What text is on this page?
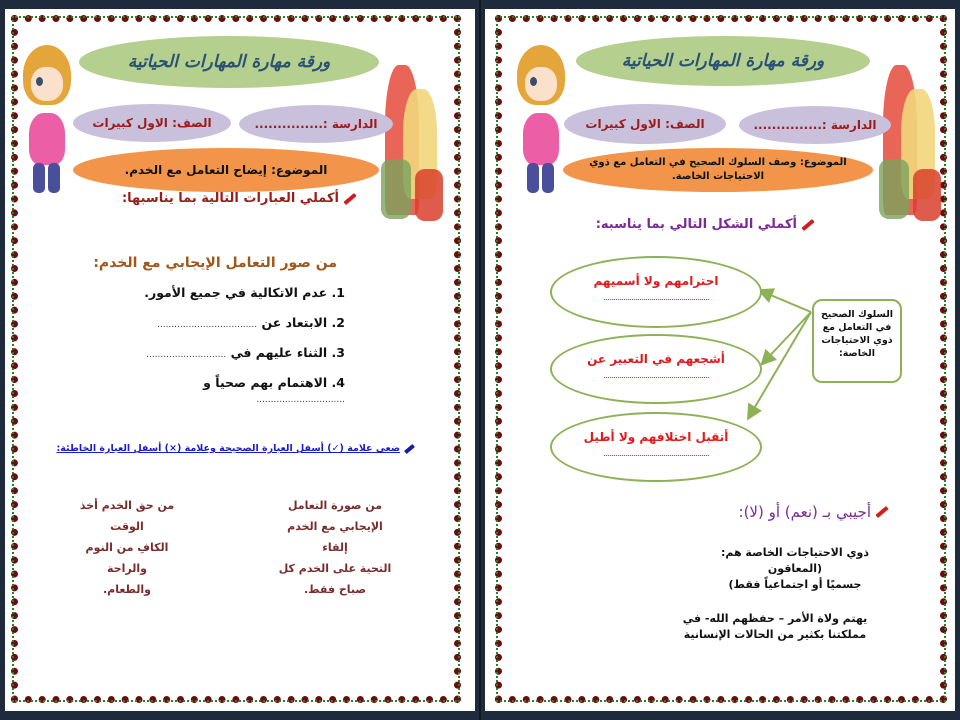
ورقة مهارة المهارات الحياتية
الدارسة :...............
الصف: الاول كبيرات
الموضوع: إيضاح التعامل مع الخدم.
أكملي العبارات التالية بما يناسبها:
من صور التعامل الإيجابي مع الخدم:
1. عدم الاتكالية في جميع الأمور.
2. الابتعاد عن ...................................
3. الثناء عليهم في ............................
4. الاهتمام بهم صحياً و ...............................
ضعي علامة (✓) أسفل العبارة الصحيحة وعلامة (×) أسفل العبارة الخاطئة:
من صورة التعامل
الإيجابي مع الخدم إلقاء
التحية على الخدم كل
صباح فقط.
من حق الخدم أخذ الوقت
الكافِ من النوم والراحة
والطعام.
ورقة مهارة المهارات الحياتية
الدارسة :...............
الصف: الاول كبيرات
الموضوع: وصف السلوك الصحيح في التعامل مع ذوي
الاحتياجات الخاصة.
أكملي الشكل التالي بما يناسبه:
احترامهم ولا أسميهم
أشجعهم في التعبير عن
أتقبل اختلافهم ولا أطيل
السلوك الصحيح
في التعامل مع
ذوي الاحتياجات
الخاصة:
أجيبي بـ (نعم) أو (لا):
ذوي الاحتياجات الخاصة هم:(المعاقون
جسميًا أو اجتماعياً فقط)
يهتم ولاة الأمر – حفظهم الله- في
مملكتنا بكثير من الحالات الإنسانية
